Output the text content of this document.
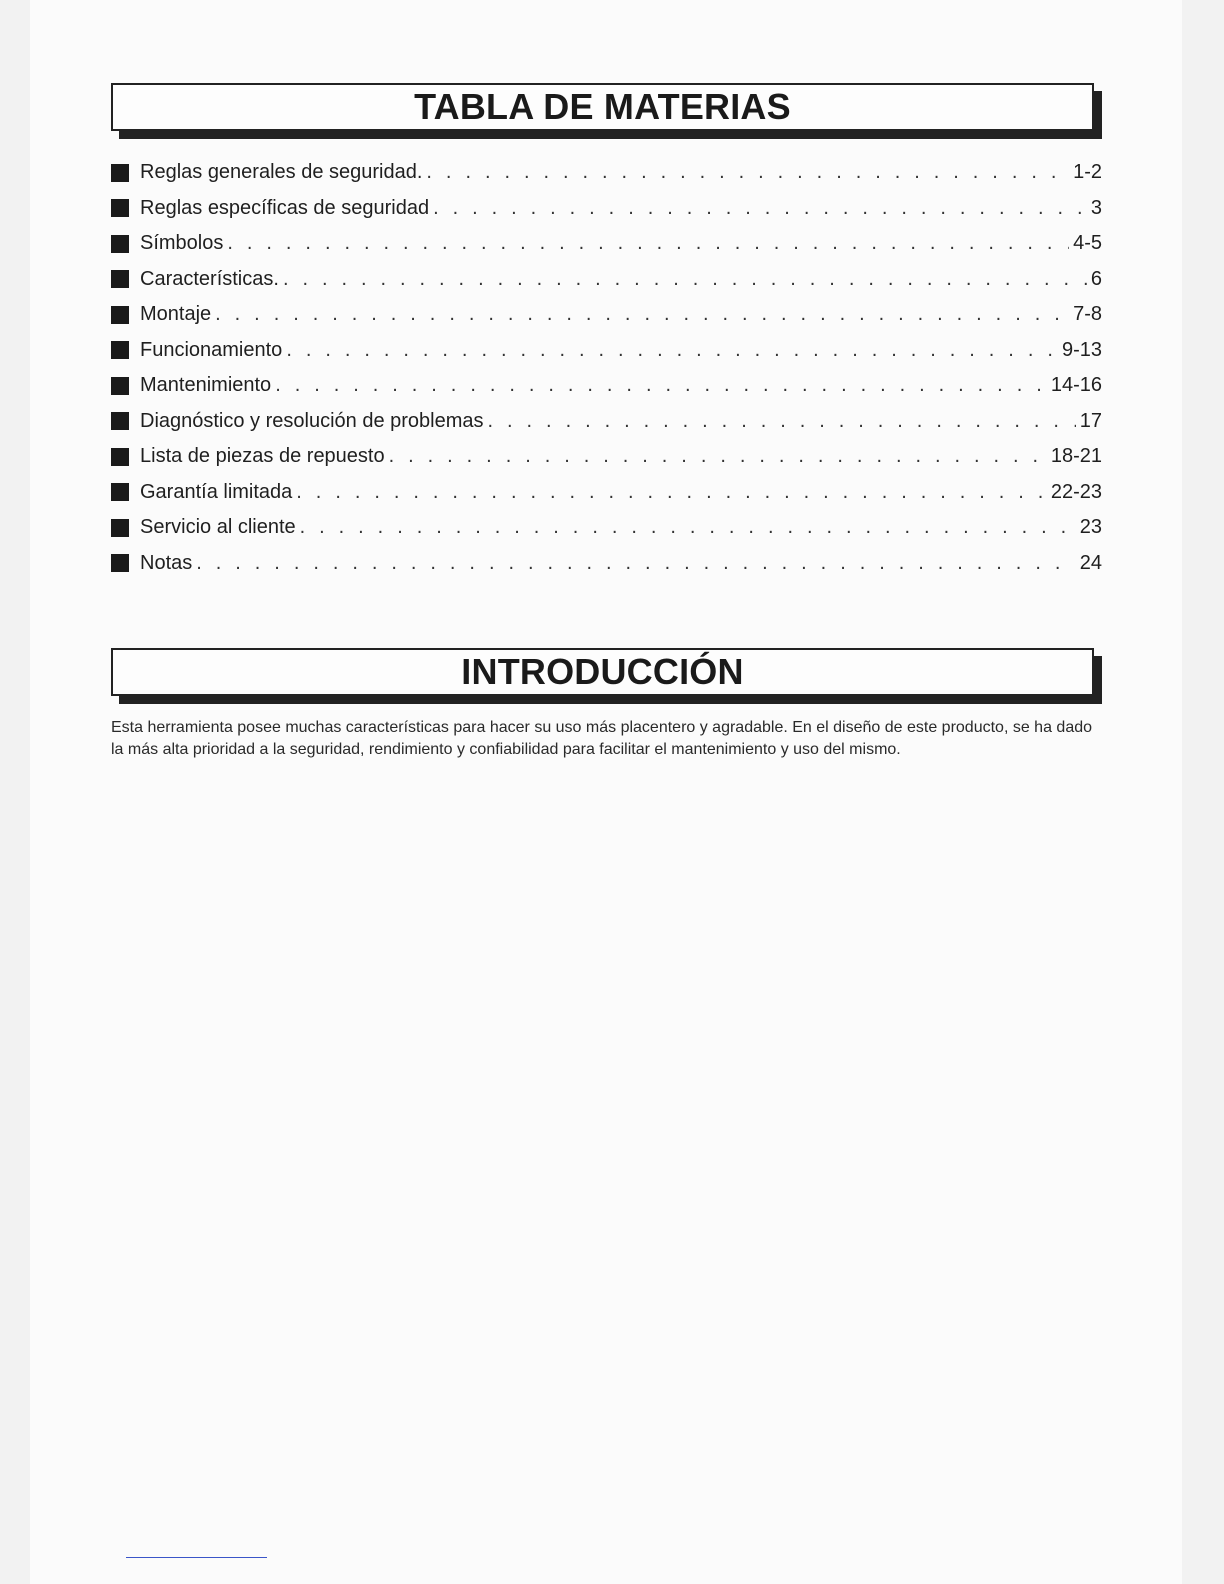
TABLA DE MATERIAS
Reglas generales de seguridad. . . .	1-2
Reglas específicas de seguridad . . .	3
Símbolos . . .	4-5
Características. . . .	6
Montaje . . .	7-8
Funcionamiento . . .	9-13
Mantenimiento . . .	14-16
Diagnóstico y resolución de problemas . . .	17
Lista de piezas de repuesto . . .	18-21
Garantía limitada . . .	22-23
Servicio al cliente . . .	23
Notas . . .	24
INTRODUCCIÓN

Esta herramienta posee muchas características para hacer su uso más placentero y agradable. En el diseño de este producto, se ha dado la más alta prioridad a la seguridad, rendimiento y confiabilidad para facilitar el mantenimiento y uso del mismo.
